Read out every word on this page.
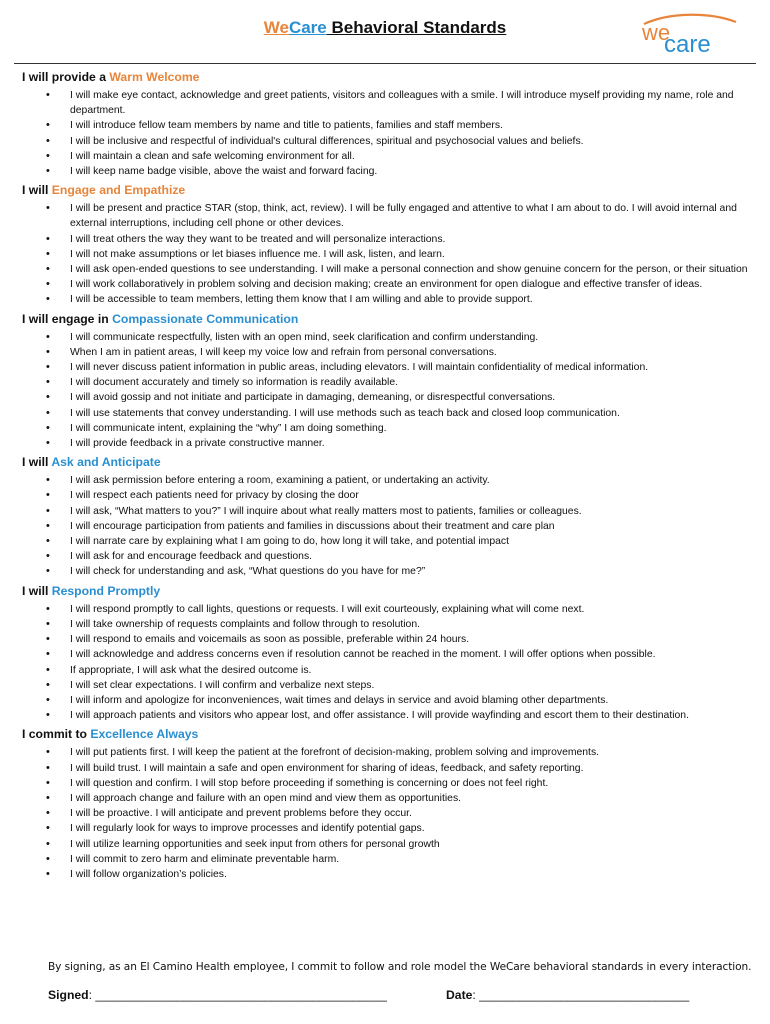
WeCare Behavioral Standards	we
care
I will provide a Warm Welcome
• I will make eye contact, acknowledge and greet patients, visitors and colleagues with a smile. I will introduce myself providing my name, role and department.
• I will introduce fellow team members by name and title to patients, families and staff members.
• I will be inclusive and respectful of individual's cultural differences, spiritual and psychosocial values and beliefs.
• I will maintain a clean and safe welcoming environment for all.
• I will keep name badge visible, above the waist and forward facing.
I will Engage and Empathize
• I will be present and practice STAR (stop, think, act, review). I will be fully engaged and attentive to what I am about to do. I will avoid internal and external interruptions, including cell phone or other devices.
• I will treat others the way they want to be treated and will personalize interactions.
• I will not make assumptions or let biases influence me. I will ask, listen, and learn.
• I will ask open-ended questions to see understanding. I will make a personal connection and show genuine concern for the person, or their situation
• I will work collaboratively in problem solving and decision making; create an environment for open dialogue and effective transfer of ideas.
• I will be accessible to team members, letting them know that I am willing and able to provide support.
I will engage in Compassionate Communication
• I will communicate respectfully, listen with an open mind, seek clarification and confirm understanding.
• When I am in patient areas, I will keep my voice low and refrain from personal conversations.
• I will never discuss patient information in public areas, including elevators. I will maintain confidentiality of medical information.
• I will document accurately and timely so information is readily available.
• I will avoid gossip and not initiate and participate in damaging, demeaning, or disrespectful conversations.
• I will use statements that convey understanding. I will use methods such as teach back and closed loop communication.
• I will communicate intent, explaining the “why” I am doing something.
• I will provide feedback in a private constructive manner.
I will Ask and Anticipate
• I will ask permission before entering a room, examining a patient, or undertaking an activity.
• I will respect each patients need for privacy by closing the door
• I will ask, “What matters to you?” I will inquire about what really matters most to patients, families or colleagues.
• I will encourage participation from patients and families in discussions about their treatment and care plan
• I will narrate care by explaining what I am going to do, how long it will take, and potential impact
• I will ask for and encourage feedback and questions.
• I will check for understanding and ask, “What questions do you have for me?”
I will Respond Promptly
• I will respond promptly to call lights, questions or requests. I will exit courteously, explaining what will come next.
• I will take ownership of requests complaints and follow through to resolution.
• I will respond to emails and voicemails as soon as possible, preferable within 24 hours.
• I will acknowledge and address concerns even if resolution cannot be reached in the moment. I will offer options when possible.
• If appropriate, I will ask what the desired outcome is.
• I will set clear expectations. I will confirm and verbalize next steps.
• I will inform and apologize for inconveniences, wait times and delays in service and avoid blaming other departments.
• I will approach patients and visitors who appear lost, and offer assistance. I will provide wayfinding and escort them to their destination.
I commit to Excellence Always
• I will put patients first. I will keep the patient at the forefront of decision-making, problem solving and improvements.
• I will build trust. I will maintain a safe and open environment for sharing of ideas, feedback, and safety reporting.
• I will question and confirm. I will stop before proceeding if something is concerning or does not feel right.
• I will approach change and failure with an open mind and view them as opportunities.
• I will be proactive. I will anticipate and prevent problems before they occur.
• I will regularly look for ways to improve processes and identify potential gaps.
• I will utilize learning opportunities and seek input from others for personal growth
• I will commit to zero harm and eliminate preventable harm.
• I will follow organization’s policies.
By signing, as an El Camino Health employee, I commit to follow and role model the WeCare behavioral standards in every interaction.
Signed: ___________________________________________	Date: _______________________________
